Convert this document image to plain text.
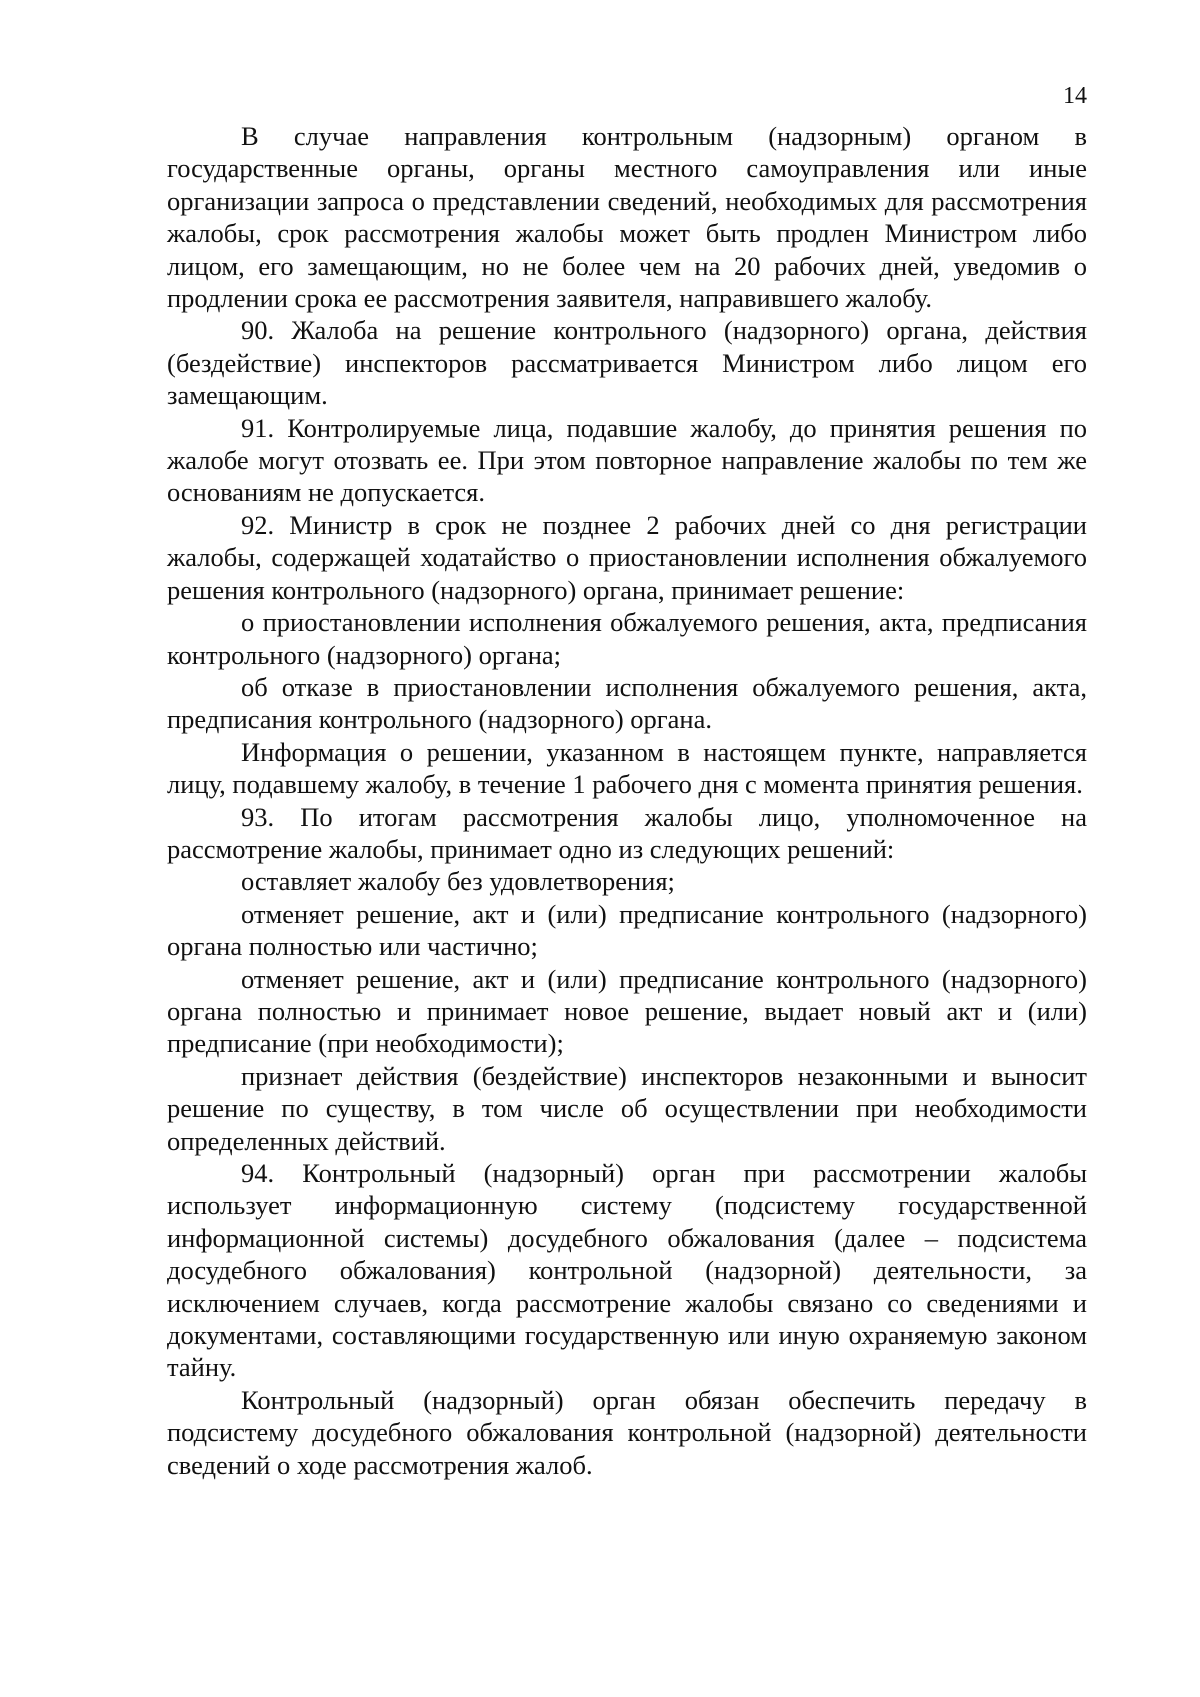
14

В случае направления контрольным (надзорным) органом в государственные органы, органы местного самоуправления или иные организации запроса о представлении сведений, необходимых для рассмотрения жалобы, срок рассмотрения жалобы может быть продлен Министром либо лицом, его замещающим, но не более чем на 20 рабочих дней, уведомив о продлении срока ее рассмотрения заявителя, направившего жалобу.

90. Жалоба на решение контрольного (надзорного) органа, действия (бездействие) инспекторов рассматривается Министром либо лицом его замещающим.

91. Контролируемые лица, подавшие жалобу, до принятия решения по жалобе могут отозвать ее. При этом повторное направление жалобы по тем же основаниям не допускается.

92. Министр в срок не позднее 2 рабочих дней со дня регистрации жалобы, содержащей ходатайство о приостановлении исполнения обжалуемого решения контрольного (надзорного) органа, принимает решение:

о приостановлении исполнения обжалуемого решения, акта, предписания контрольного (надзорного) органа;

об отказе в приостановлении исполнения обжалуемого решения, акта, предписания контрольного (надзорного) органа.

Информация о решении, указанном в настоящем пункте, направляется лицу, подавшему жалобу, в течение 1 рабочего дня с момента принятия решения.

93. По итогам рассмотрения жалобы лицо, уполномоченное на рассмотрение жалобы, принимает одно из следующих решений:

оставляет жалобу без удовлетворения;

отменяет решение, акт и (или) предписание контрольного (надзорного) органа полностью или частично;

отменяет решение, акт и (или) предписание контрольного (надзорного) органа полностью и принимает новое решение, выдает новый акт и (или) предписание (при необходимости);

признает действия (бездействие) инспекторов незаконными и выносит решение по существу, в том числе об осуществлении при необходимости определенных действий.

94. Контрольный (надзорный) орган при рассмотрении жалобы использует информационную систему (подсистему государственной информационной системы) досудебного обжалования (далее – подсистема досудебного обжалования) контрольной (надзорной) деятельности, за исключением случаев, когда рассмотрение жалобы связано со сведениями и документами, составляющими государственную или иную охраняемую законом тайну.

Контрольный (надзорный) орган обязан обеспечить передачу в подсистему досудебного обжалования контрольной (надзорной) деятельности сведений о ходе рассмотрения жалоб.
